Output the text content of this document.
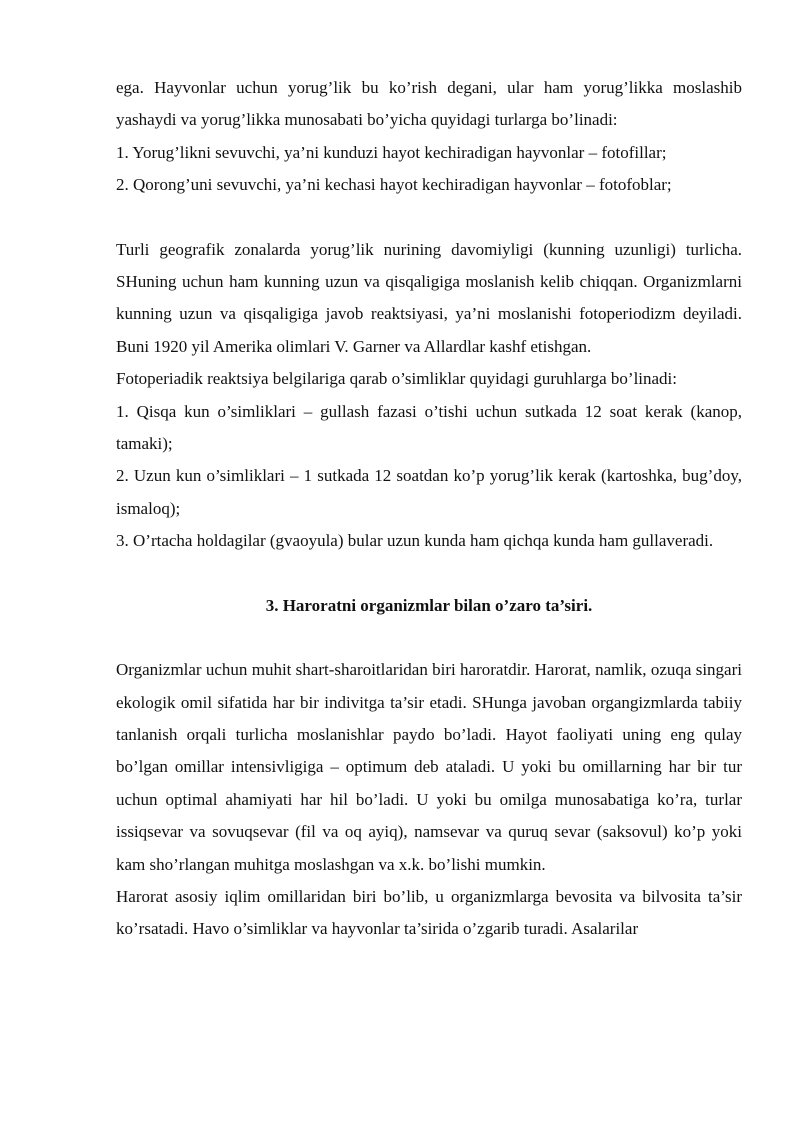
ega. Hayvonlar uchun yorug’lik bu ko’rish degani, ular ham yorug’likka moslashib yashaydi va yorug’likka munosabati bo’yicha quyidagi turlarga bo’linadi:

1. Yorug’likni sevuvchi, ya’ni kunduzi hayot kechiradigan hayvonlar – fotofillar;

2. Qorong’uni sevuvchi, ya’ni kechasi hayot kechiradigan hayvonlar – fotofoblar;

Turli geografik zonalarda yorug’lik nurining davomiyligi (kunning uzunligi) turlicha. SHuning uchun ham kunning uzun va qisqaligiga moslanish kelib chiqqan. Organizmlarni kunning uzun va qisqaligiga javob reaktsiyasi, ya’ni moslanishi fotoperiodizm deyiladi. Buni 1920 yil Amerika olimlari V. Garner va Allardlar kashf etishgan.

Fotoperiadik reaktsiya belgilariga qarab o’simliklar quyidagi guruhlarga bo’linadi:

1. Qisqa kun o’simliklari – gullash fazasi o’tishi uchun sutkada 12 soat kerak (kanop, tamaki);

2. Uzun kun o’simliklari – 1 sutkada 12 soatdan ko’p yorug’lik kerak (kartoshka, bug’doy, ismaloq);

3. O’rtacha holdagilar (gvaoyula) bular uzun kunda ham qichqa kunda ham gullaveradi.

3. Haroratni organizmlar bilan o’zaro ta’siri.

Organizmlar uchun muhit shart-sharoitlaridan biri haroratdir. Harorat, namlik, ozuqa singari ekologik omil sifatida har bir indivitga ta’sir etadi. SHunga javoban organgizmlarda tabiiy tanlanish orqali turlicha moslanishlar paydo bo’ladi. Hayot faoliyati uning eng qulay bo’lgan omillar intensivligiga – optimum deb ataladi. U yoki bu omillarning har bir tur uchun optimal ahamiyati har hil bo’ladi. U yoki bu omilga munosabatiga ko’ra, turlar issiqsevar va sovuqsevar (fil va oq ayiq), namsevar va quruq sevar (saksovul) ko’p yoki kam sho’rlangan muhitga moslashgan va x.k. bo’lishi mumkin.

Harorat asosiy iqlim omillaridan biri bo’lib, u organizmlarga bevosita va bilvosita ta’sir ko’rsatadi. Havo o’simliklar va hayvonlar ta’sirida o’zgarib turadi. Asalarilar
